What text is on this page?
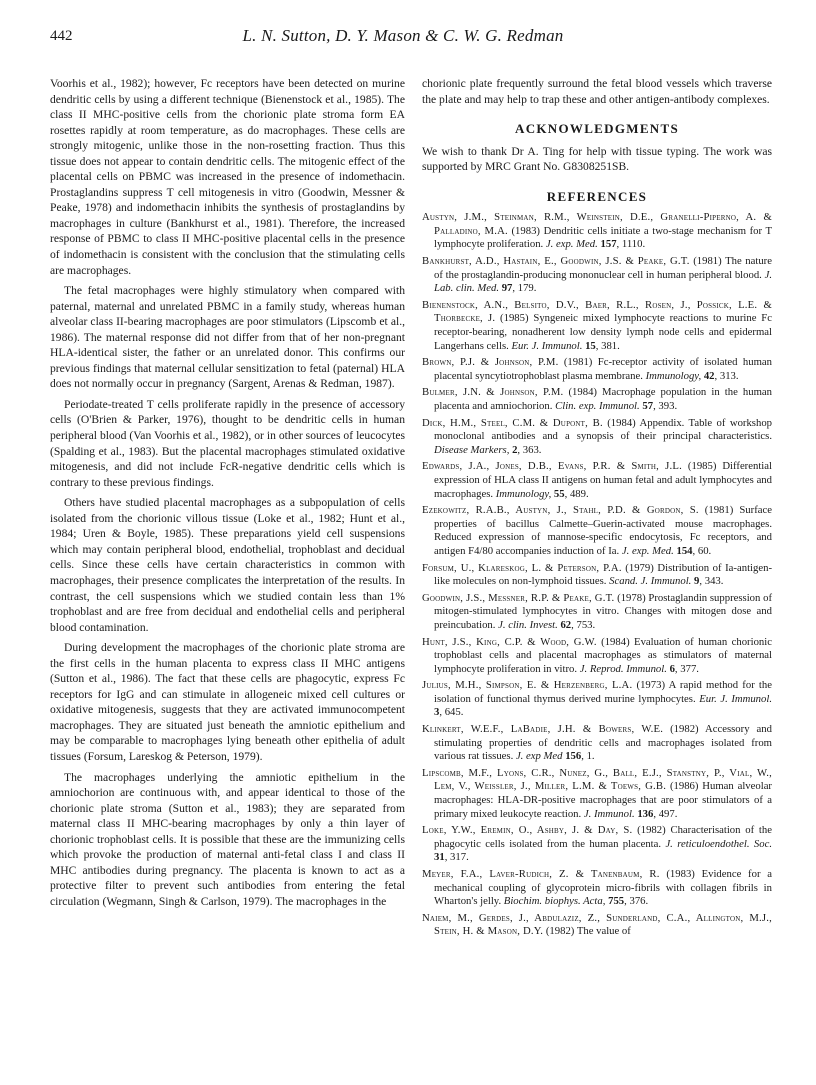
442	L. N. Sutton, D. Y. Mason & C. W. G. Redman

Voorhis et al., 1982); however, Fc receptors have been detected on murine dendritic cells by using a different technique (Bienenstock et al., 1985). The class II MHC-positive cells from the chorionic plate stroma form EA rosettes rapidly at room temperature, as do macrophages. These cells are strongly mitogenic, unlike those in the non-rosetting fraction. Thus this tissue does not appear to contain dendritic cells. The mitogenic effect of the placental cells on PBMC was increased in the presence of indomethacin. Prostaglandins suppress T cell mitogenesis in vitro (Goodwin, Messner & Peake, 1978) and indomethacin inhibits the synthesis of prostaglandins by macrophages in culture (Bankhurst et al., 1981). Therefore, the increased response of PBMC to class II MHC-positive placental cells in the presence of indomethacin is consistent with the conclusion that the stimulating cells are macrophages.

The fetal macrophages were highly stimulatory when compared with paternal, maternal and unrelated PBMC in a family study, whereas human alveolar class II-bearing macrophages are poor stimulators (Lipscomb et al., 1986). The maternal response did not differ from that of her non-pregnant HLA-identical sister, the father or an unrelated donor. This confirms our previous findings that maternal cellular sensitization to fetal (paternal) HLA does not normally occur in pregnancy (Sargent, Arenas & Redman, 1987).

Periodate-treated T cells proliferate rapidly in the presence of accessory cells (O'Brien & Parker, 1976), thought to be dendritic cells in human peripheral blood (Van Voorhis et al., 1982), or in other sources of leucocytes (Spalding et al., 1983). But the placental macrophages stimulated oxidative mitogenesis, and did not include FcR-negative dendritic cells which is contrary to these previous findings.

Others have studied placental macrophages as a subpopulation of cells isolated from the chorionic villous tissue (Loke et al., 1982; Hunt et al., 1984; Uren & Boyle, 1985). These preparations yield cell suspensions which may contain peripheral blood, endothelial, trophoblast and decidual cells. Since these cells have certain characteristics in common with macrophages, their presence complicates the interpretation of the results. In contrast, the cell suspensions which we studied contain less than 1% trophoblast and are free from decidual and endothelial cells and peripheral blood contamination.

During development the macrophages of the chorionic plate stroma are the first cells in the human placenta to express class II MHC antigens (Sutton et al., 1986). The fact that these cells are phagocytic, express Fc receptors for IgG and can stimulate in allogeneic mixed cell cultures or oxidative mitogenesis, suggests that they are activated immunocompetent macrophages. They are situated just beneath the amniotic epithelium and may be comparable to macrophages lying beneath other epithelia of adult tissues (Forsum, Lareskog & Peterson, 1979).

The macrophages underlying the amniotic epithelium in the amniochorion are continuous with, and appear identical to those of the chorionic plate stroma (Sutton et al., 1983); they are separated from maternal class II MHC-bearing macrophages by only a thin layer of chorionic trophoblast cells. It is possible that these are the immunizing cells which provoke the production of maternal anti-fetal class I and class II MHC antibodies during pregnancy. The placenta is known to act as a protective filter to prevent such antibodies from entering the fetal circulation (Wegmann, Singh & Carlson, 1979). The macrophages in the

chorionic plate frequently surround the fetal blood vessels which traverse the plate and may help to trap these and other antigen-antibody complexes.

ACKNOWLEDGMENTS

We wish to thank Dr A. Ting for help with tissue typing. The work was supported by MRC Grant No. G8308251SB.

REFERENCES
Austyn, J.M., Steinman, R.M., Weinstein, D.E., Granelli-Piperno, A. & Palladino, M.A. (1983) Dendritic cells initiate a two-stage mechanism for T lymphocyte proliferation. J. exp. Med. 157, 1110.
Bankhurst, A.D., Hastain, E., Goodwin, J.S. & Peake, G.T. (1981) The nature of the prostaglandin-producing mononuclear cell in human peripheral blood. J. Lab. clin. Med. 97, 179.
Bienenstock, A.N., Belsito, D.V., Baer, R.L., Rosen, J., Possick, L.E. & Thorbecke, J. (1985) Syngeneic mixed lymphocyte reactions to murine Fc receptor-bearing, nonadherent low density lymph node cells and epidermal Langerhans cells. Eur. J. Immunol. 15, 381.
Brown, P.J. & Johnson, P.M. (1981) Fc-receptor activity of isolated human placental syncytiotrophoblast plasma membrane. Immunology, 42, 313.
Bulmer, J.N. & Johnson, P.M. (1984) Macrophage population in the human placenta and amniochorion. Clin. exp. Immunol. 57, 393.
Dick, H.M., Steel, C.M. & Dupont, B. (1984) Appendix. Table of workshop monoclonal antibodies and a synopsis of their principal characteristics. Disease Markers, 2, 363.
Edwards, J.A., Jones, D.B., Evans, P.R. & Smith, J.L. (1985) Differential expression of HLA class II antigens on human fetal and adult lymphocytes and macrophages. Immunology, 55, 489.
Ezekowitz, R.A.B., Austyn, J., Stahl, P.D. & Gordon, S. (1981) Surface properties of bacillus Calmette–Guerin-activated mouse macrophages. Reduced expression of mannose-specific endocytosis, Fc receptors, and antigen F4/80 accompanies induction of Ia. J. exp. Med. 154, 60.
Forsum, U., Klareskog, L. & Peterson, P.A. (1979) Distribution of Ia-antigen-like molecules on non-lymphoid tissues. Scand. J. Immunol. 9, 343.
Goodwin, J.S., Messner, R.P. & Peake, G.T. (1978) Prostaglandin suppression of mitogen-stimulated lymphocytes in vitro. Changes with mitogen dose and preincubation. J. clin. Invest. 62, 753.
Hunt, J.S., King, C.P. & Wood, G.W. (1984) Evaluation of human chorionic trophoblast cells and placental macrophages as stimulators of maternal lymphocyte proliferation in vitro. J. Reprod. Immunol. 6, 377.
Julius, M.H., Simpson, E. & Herzenberg, L.A. (1973) A rapid method for the isolation of functional thymus derived murine lymphocytes. Eur. J. Immunol. 3, 645.
Klinkert, W.E.F., LaBadie, J.H. & Bowers, W.E. (1982) Accessory and stimulating properties of dendritic cells and macrophages isolated from various rat tissues. J. exp Med 156, 1.
Lipscomb, M.F., Lyons, C.R., Nunez, G., Ball, E.J., Stanstny, P., Vial, W., Lem, V., Weissler, J., Miller, L.M. & Toews, G.B. (1986) Human alveolar macrophages: HLA-DR-positive macrophages that are poor stimulators of a primary mixed leukocyte reaction. J. Immunol. 136, 497.
Loke, Y.W., Eremin, O., Ashby, J. & Day, S. (1982) Characterisation of the phagocytic cells isolated from the human placenta. J. reticuloendothel. Soc. 31, 317.
Meyer, F.A., Laver-Rudich, Z. & Tanenbaum, R. (1983) Evidence for a mechanical coupling of glycoprotein micro-fibrils with collagen fibrils in Wharton's jelly. Biochim. biophys. Acta, 755, 376.
Naiem, M., Gerdes, J., Abdulaziz, Z., Sunderland, C.A., Allington, M.J., Stein, H. & Mason, D.Y. (1982) The value of
